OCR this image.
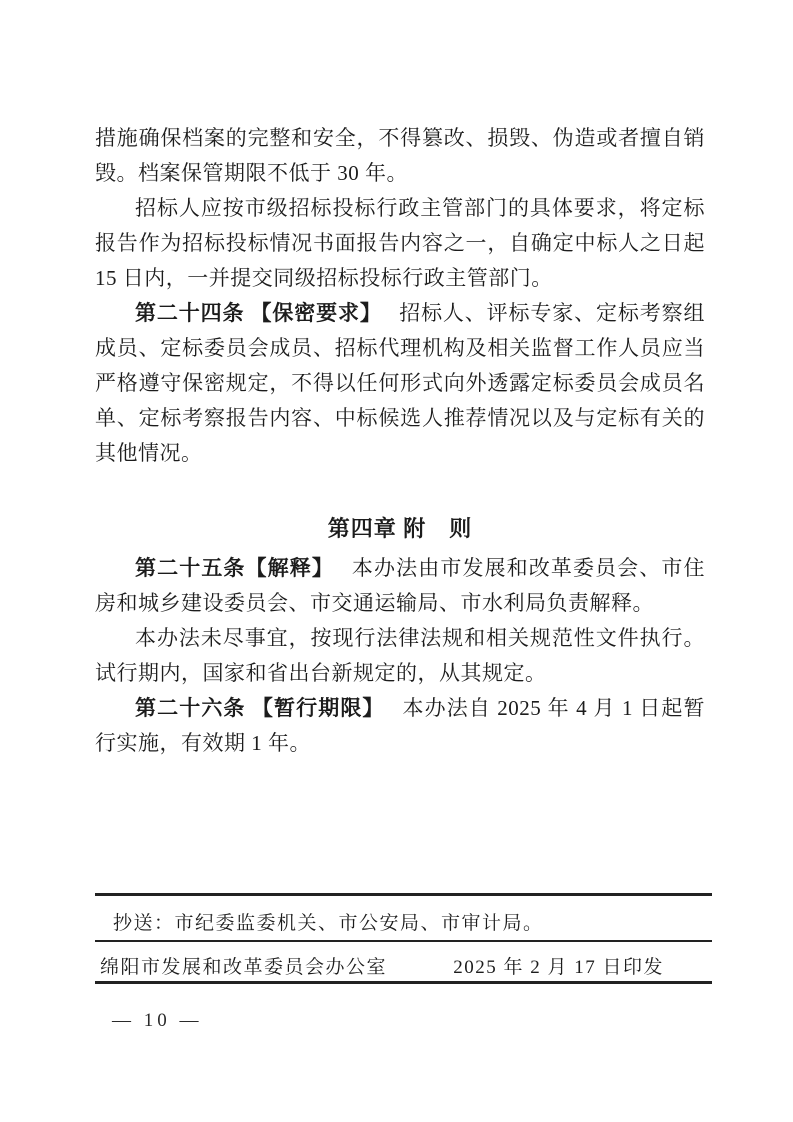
措施确保档案的完整和安全，不得篡改、损毁、伪造或者擅自销
毁。档案保管期限不低于 30 年。
招标人应按市级招标投标行政主管部门的具体要求，将定标
报告作为招标投标情况书面报告内容之一，自确定中标人之日起
15 日内，一并提交同级招标投标行政主管部门。
第二十四条 【保密要求】　 招标人、评标专家、定标考察组
成员、定标委员会成员、招标代理机构及相关监督工作人员应当
严格遵守保密规定，不得以任何形式向外透露定标委员会成员名
单、定标考察报告内容、中标候选人推荐情况以及与定标有关的
其他情况。
第四章 附　则
第二十五条【解释】　 本办法由市发展和改革委员会、市住
房和城乡建设委员会、市交通运输局、市水利局负责解释。
本办法未尽事宜，按现行法律法规和相关规范性文件执行。
试行期内，国家和省出台新规定的，从其规定。
第二十六条 【暂行期限】　 本办法自 2025 年 4 月 1 日起暂
行实施，有效期 1 年。
抄送：市纪委监委机关、市公安局、市审计局。
绵阳市发展和改革委员会办公室	2025 年 2 月 17 日印发
— 10 —
